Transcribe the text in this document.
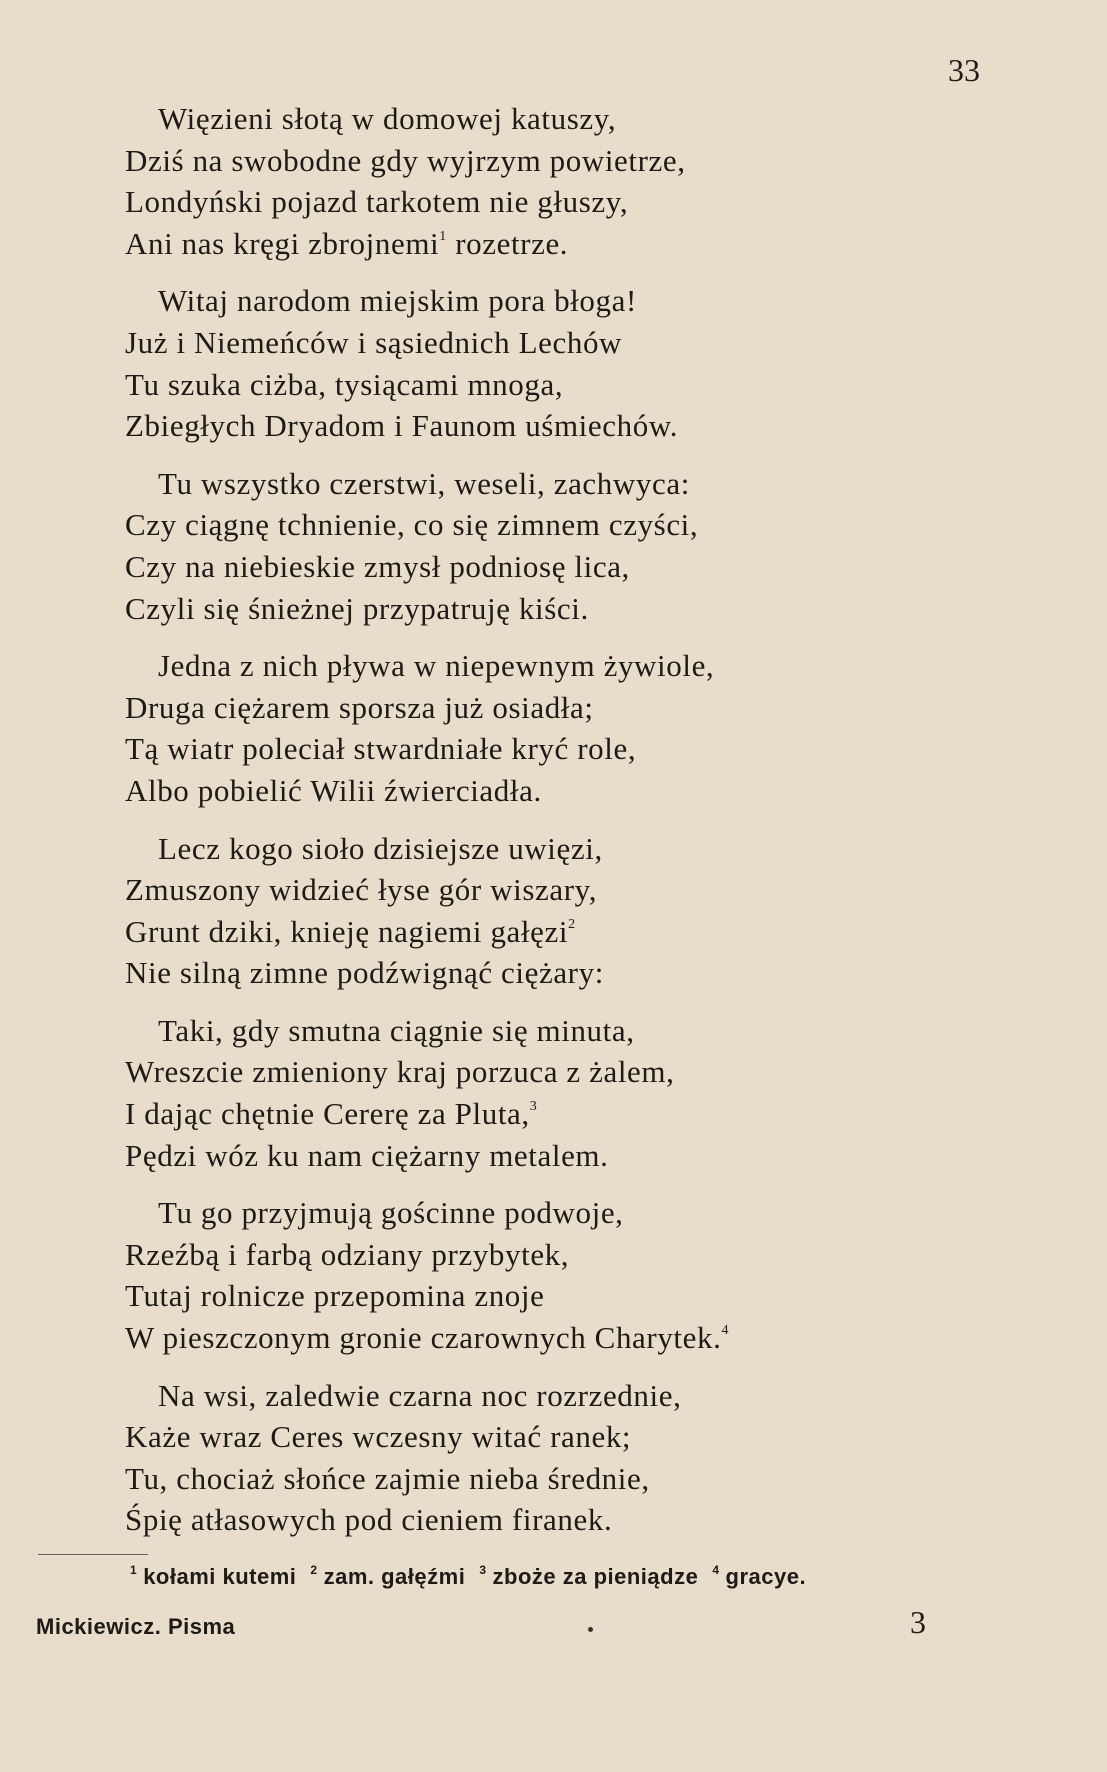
33
Więzieni słotą w domowej katuszy,
Dziś na swobodne gdy wyjrzym powietrze,
Londyński pojazd tarkotem nie głuszy,
Ani nas kręgi zbrojnemi$^1$ rozetrze.
Witaj narodom miejskim pora błoga!
Już i Niemeńców i sąsiednich Lechów
Tu szuka ciżba, tysiącami mnoga,
Zbiegłych Dryadom i Faunom uśmiechów.
Tu wszystko czerstwi, weseli, zachwyca:
Czy ciągnę tchnienie, co się zimnem czyści,
Czy na niebieskie zmysł podniosę lica,
Czyli się śnieżnej przypatruję kiści.
Jedna z nich pływa w niepewnym żywiole,
Druga ciężarem sporsza już osiadła;
Tą wiatr poleciał stwardniałe kryć role,
Albo pobielić Wilii źwierciadła.
Lecz kogo sioło dzisiejsze uwięzi,
Zmuszony widzieć łyse gór wiszary,
Grunt dziki, knieję nagiemi gałęzi$^2$
Nie silną zimne podźwignąć ciężary:
Taki, gdy smutna ciągnie się minuta,
Wreszcie zmieniony kraj porzuca z żalem,
I dając chętnie Cererę za Pluta,$^3$
Pędzi wóz ku nam ciężarny metalem.
Tu go przyjmują gościnne podwoje,
Rzeźbą i farbą odziany przybytek,
Tutaj rolnicze przepomina znoje
W pieszczonym gronie czarownych Charytek.$^4$
Na wsi, zaledwie czarna noc rozrzednie,
Każe wraz Ceres wczesny witać ranek;
Tu, chociaż słońce zajmie nieba średnie,
Śpię atłasowych pod cieniem firanek.
$^1$ kołami kutemi $^2$ zam. gałęźmi $^3$ zboże za pieniądze $^4$ gracye.
Mickiewicz. Pisma	3
